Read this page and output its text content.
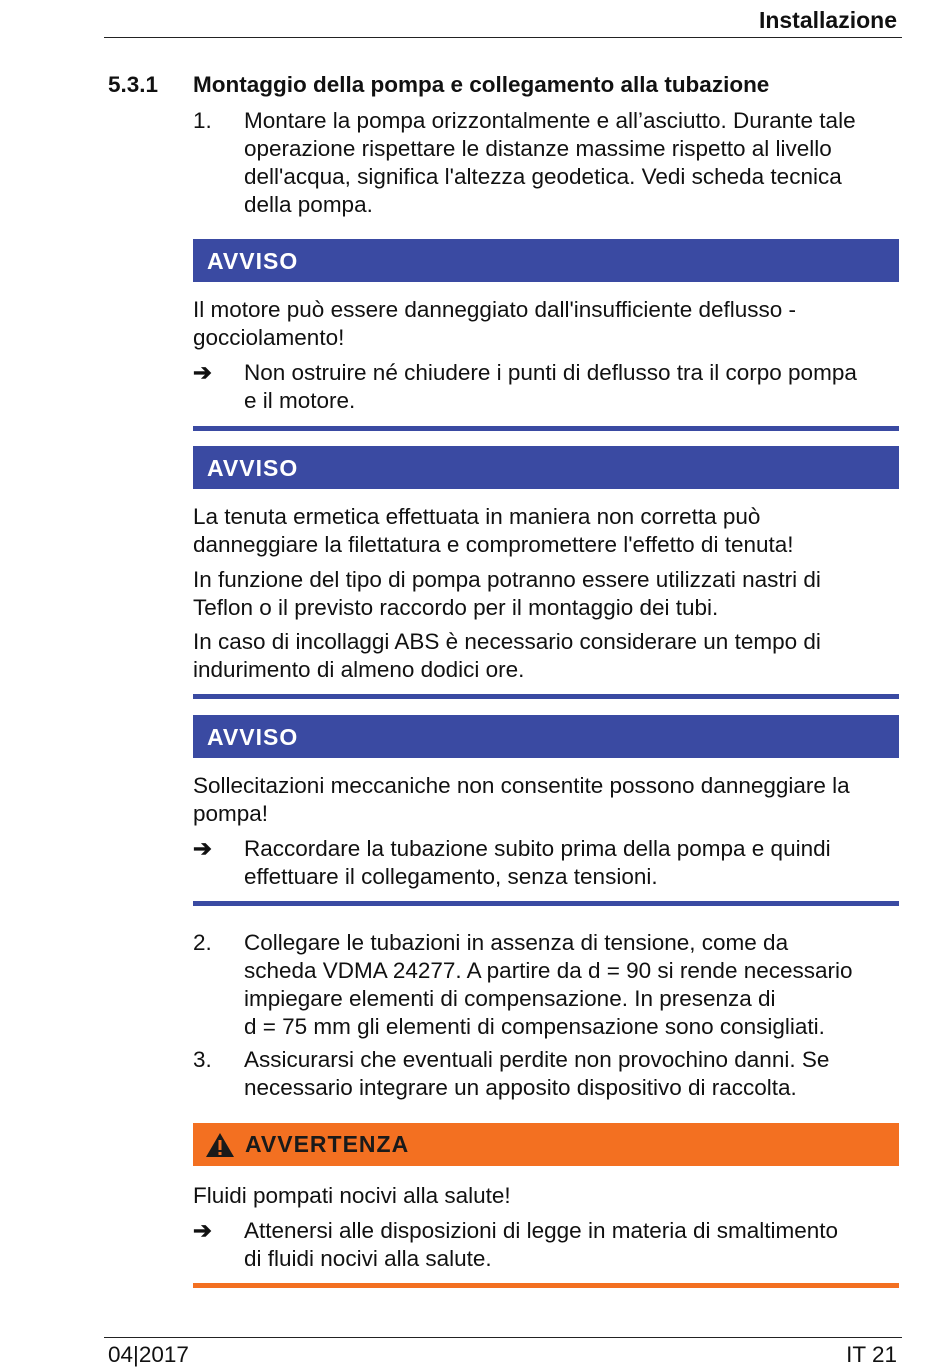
Installazione
5.3.1 Montaggio della pompa e collegamento alla tubazione
1. Montare la pompa orizzontalmente e all’asciutto. Durante tale
operazione rispettare le distanze massime rispetto al livello
dell'acqua, significa l'altezza geodetica. Vedi scheda tecnica
della pompa.
AVVISO
Il motore può essere danneggiato dall'insufficiente deflusso -
gocciolamento!
➔ Non ostruire né chiudere i punti di deflusso tra il corpo pompa
e il motore.
AVVISO
La tenuta ermetica effettuata in maniera non corretta può
danneggiare la filettatura e compromettere l'effetto di tenuta!
In funzione del tipo di pompa potranno essere utilizzati nastri di
Teflon o il previsto raccordo per il montaggio dei tubi.
In caso di incollaggi ABS è necessario considerare un tempo di
indurimento di almeno dodici ore.
AVVISO
Sollecitazioni meccaniche non consentite possono danneggiare la
pompa!
➔ Raccordare la tubazione subito prima della pompa e quindi
effettuare il collegamento, senza tensioni.
2. Collegare le tubazioni in assenza di tensione, come da
scheda VDMA 24277. A partire da d = 90 si rende necessario
impiegare elementi di compensazione. In presenza di
d = 75 mm gli elementi di compensazione sono consigliati.
3. Assicurarsi che eventuali perdite non provochino danni. Se
necessario integrare un apposito dispositivo di raccolta.
AVVERTENZA
Fluidi pompati nocivi alla salute!
➔ Attenersi alle disposizioni di legge in materia di smaltimento
di fluidi nocivi alla salute.
04|2017	IT 21
